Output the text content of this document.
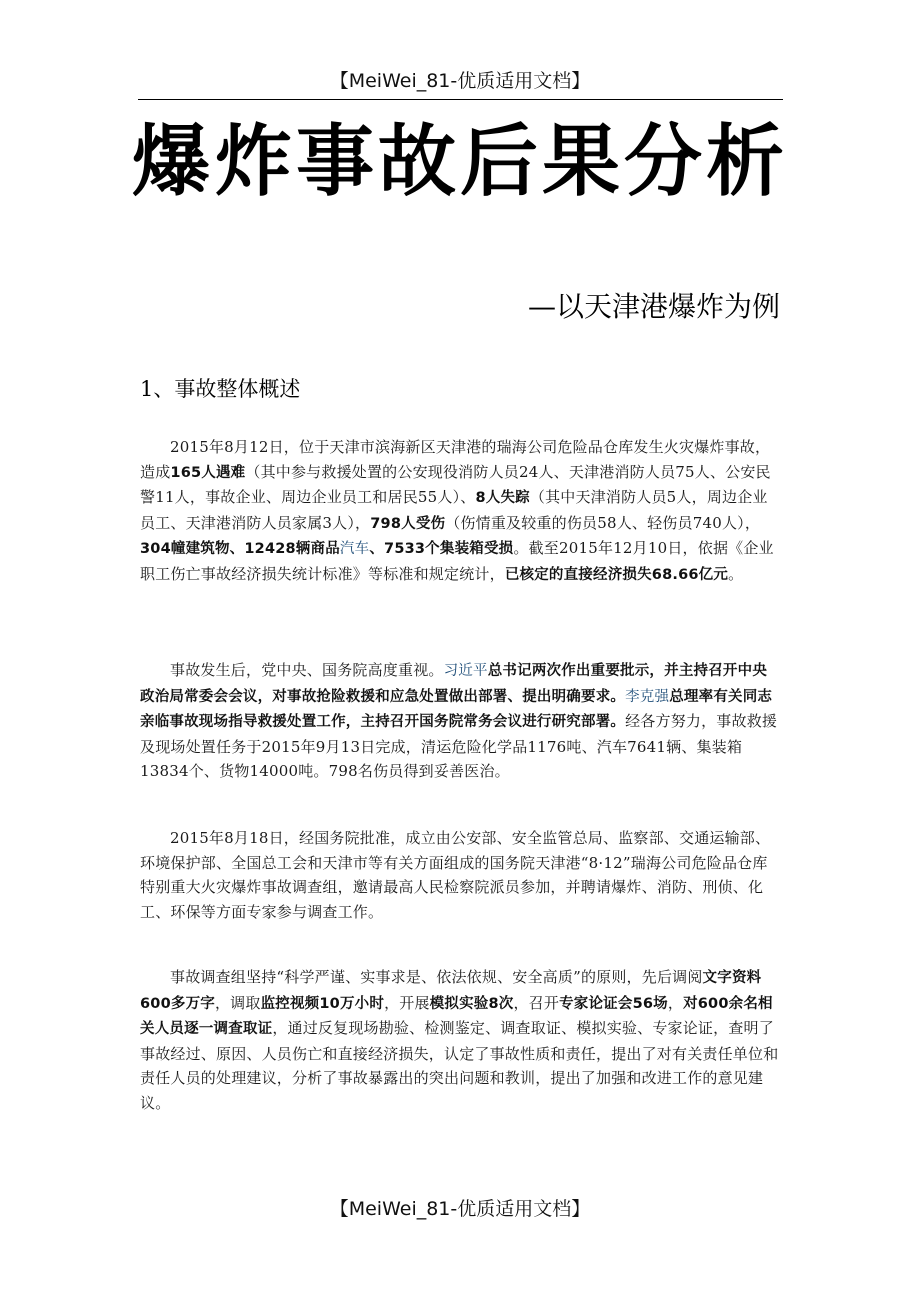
【MeiWei_81-优质适用文档】
爆炸事故后果分析
—以天津港爆炸为例
1、事故整体概述

2015年8月12日，位于天津市滨海新区天津港的瑞海公司危险品仓库发生火灾爆炸事故，造成165人遇难（其中参与救援处置的公安现役消防人员24人、天津港消防人员75人、公安民警11人，事故企业、周边企业员工和居民55人）、8人失踪（其中天津消防人员5人，周边企业员工、天津港消防人员家属3人），798人受伤（伤情重及较重的伤员58人、轻伤员740人），304幢建筑物、12428辆商品汽车、7533个集装箱受损。截至2015年12月10日，依据《企业职工伤亡事故经济损失统计标准》等标准和规定统计，已核定的直接经济损失68.66亿元。

事故发生后，党中央、国务院高度重视。习近平总书记两次作出重要批示，并主持召开中央政治局常委会会议，对事故抢险救援和应急处置做出部署、提出明确要求。李克强总理率有关同志亲临事故现场指导救援处置工作，主持召开国务院常务会议进行研究部署。经各方努力，事故救援及现场处置任务于2015年9月13日完成，清运危险化学品1176吨、汽车7641辆、集装箱13834个、货物14000吨。798名伤员得到妥善医治。

2015年8月18日，经国务院批准，成立由公安部、安全监管总局、监察部、交通运输部、环境保护部、全国总工会和天津市等有关方面组成的国务院天津港“8·12”瑞海公司危险品仓库特别重大火灾爆炸事故调查组，邀请最高人民检察院派员参加，并聘请爆炸、消防、刑侦、化工、环保等方面专家参与调查工作。

事故调查组坚持“科学严谨、实事求是、依法依规、安全高质”的原则，先后调阅文字资料600多万字，调取监控视频10万小时，开展模拟实验8次，召开专家论证会56场，对600余名相关人员逐一调查取证，通过反复现场勘验、检测鉴定、调查取证、模拟实验、专家论证，查明了事故经过、原因、人员伤亡和直接经济损失，认定了事故性质和责任，提出了对有关责任单位和责任人员的处理建议，分析了事故暴露出的突出问题和教训，提出了加强和改进工作的意见建议。

【MeiWei_81-优质适用文档】
